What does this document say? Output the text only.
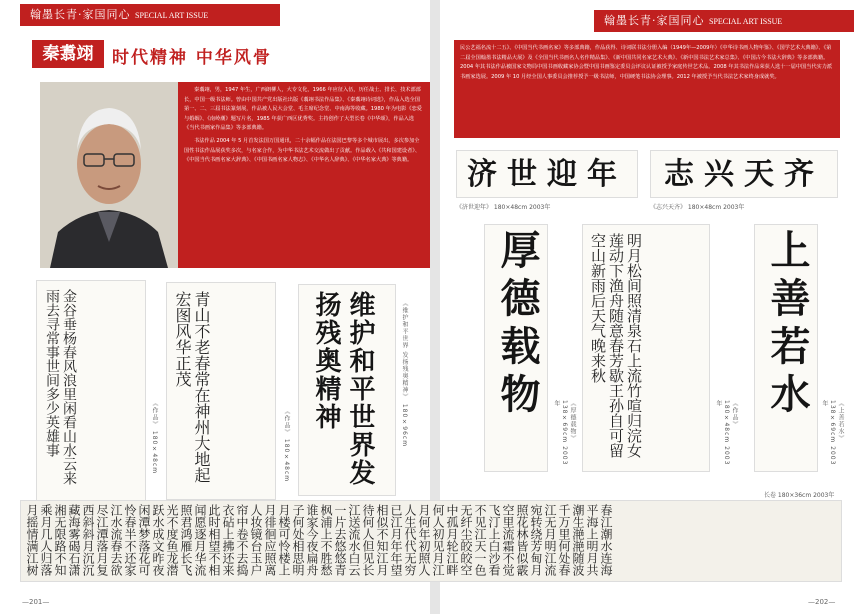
翰墨长青·家国同心 SPECIAL ART ISSUE
秦翥翊	时代精神 中华风骨
秦翥翊，男，1947 年生，广西朗柳人，大专文化，1966 年应征入伍，历任战士、排长、技术部部长，中国一级书法师。曾由中国共产党出版社出版《翥翊书法作品集》、《秦翥翊诗词选》，作品入选全国第一、二、三届书法篆刻展，作品被人民大会堂、毛主席纪念堂、中南海等收藏。1980 年为电影《恋爱与婚姻》、《南岭潮》题写片名，1985 年获广西区优秀奖。主持创作了大型长卷《中华颂》，作品入选《当代书画家作品集》等多部典籍。
书法作品 2004 年 5 月首发法国万国通讯，二十余幅作品在法国巴黎等多个城市展出，多次参加全国性书法作品展获奖多次，与名家合作，为中华书法艺术交流做出了贡献。作品载入《共和国建设者》、《中国当代书画名家大辞典》、《中国书画名家人物志》、《中华名人辞典》、《中华名家大典》等典籍。
金谷垂杨春风浪里闲看山水云来雨去寻常事世间多少英雄事	《作品》 180×48cm	青山不老春常在神州大地起宏图风华正茂
《作品》 180×48cm	维护和平世界发扬残奥精神	《维护和平世界 发扬残奥精神》 180×96cm
翰墨长青·家国同心 SPECIAL ART ISSUE
民公艺福名流十二五》、《中国当代书画名家》等多部典籍，作品获得、诗词联书法分册入编（1949年—2009年）《中华诗书画人物年鉴》、《国学艺术大典籍》、《第二届全国翰墨书法精品大展》及《全国当代书画名人名作精品集》、《新中国共同名家艺术大典》、《新中国书法艺术家总集》、《中国古今书法大辞典》等多部典籍。2004 年其书法作品被国家文物局中国书画收藏家协会暨中国书画鉴定委员会评议认证被授予家庭传世艺术品。2008 年其书法作品荣获人选十一届中国当代实力派书画家选展。2009 年 10 月经全国人事委员会推荐授予一级书法师，中国硬笔书法协会理事。2012 年被授予当代书法艺术家终身成就奖。
济世迎年
《济世迎年》 180×48cm 2003年
志兴天齐
《志兴天齐》 180×48cm 2003年
厚德载物	《厚德载物》 138×69cm 2003年	明月松间照清泉石上流竹喧归浣女莲动下渔舟随意春芳歇王孙自可留空山新雨后天气晚来秋
《作品》 180×48cm 2003年	上善若水	《上善若水》 138×69cm 2003年
长卷 180×36cm 2003年
春江潮水连海平海上明月共潮生滟滟随波千万里何处春江无月明江流宛转绕芳甸月照花林皆似霰空里流霜不觉飞汀上白沙看不见江天一色无纤尘皎皎空中孤月轮江畔何人初见月江月何年初照人人生代代无穷已江月年年望相似不知江月待何人但见长江送流水白云一片去悠悠青枫浦上不胜愁谁家今夜扁舟子何处相思明月楼可怜楼上月徘徊应照离人妆镜台玉户帘中卷不去捣衣砧上拂还来此时相望不相闻愿逐月华流照君鸿雁长飞光不度鱼龙潜跃水成文昨夜闲潭梦落花可怜春半不还家江水流春去欲尽江潭落月复西斜斜月沉沉藏海雾碣石潇湘无限路不知乘月几人归落月摇情满江树
—201—	—202—
